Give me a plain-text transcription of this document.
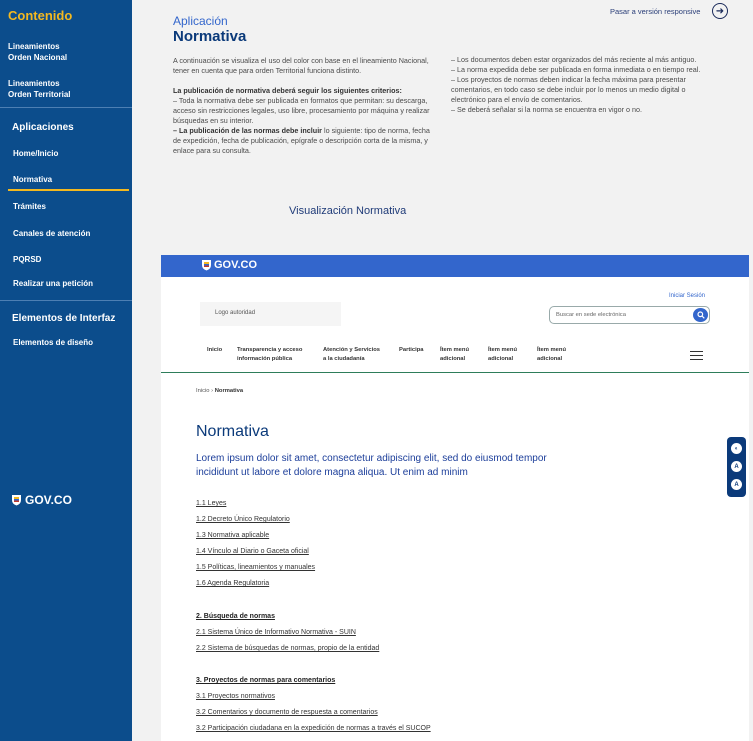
Contenido
Lineamientos
Orden Nacional
Lineamientos
Orden Territorial
Aplicaciones
Home/Inicio
Normativa
Trámites
Canales de atención
PQRSD
Realizar una petición
Elementos de Interfaz
Elementos de diseño
GOV.CO
Pasar a versión responsive	➜
Aplicación
Normativa

A continuación se visualiza el uso del color con base en el lineamiento Nacional, tener en cuenta que para orden Territorial funciona distinto.

La publicación de normativa deberá seguir los siguientes criterios:
– Toda la normativa debe ser publicada en formatos que permitan: su descarga, acceso sin restricciones legales, uso libre, procesamiento por máquina y realizar búsquedas en su interior.
– La publicación de las normas debe incluir lo siguiente: tipo de norma, fecha de expedición, fecha de publicación, epígrafe o descripción corta de la misma, y enlace para su consulta.

– Los documentos deben estar organizados del más reciente al más antiguo.
– La norma expedida debe ser publicada en forma inmediata o en tiempo real.
– Los proyectos de normas deben indicar la fecha máxima para presentar comentarios, en todo caso se debe incluir por lo menos un medio digital o electrónico para el envío de comentarios.
– Se deberá señalar si la norma se encuentra en vigor o no.
Visualización Normativa
GOV.CO
Iniciar Sesión
Logo autoridad	Buscar en sede electrónica
Inicio	Transparencia y acceso
información pública
Atención y Servicios
a la ciudadanía
Participa	Ítem menú
adicional
Ítem menú
adicional
Ítem menú
adicional
Inicio › Normativa
Normativa
Lorem ipsum dolor sit amet, consectetur adipiscing elit, sed do eiusmod tempor incididunt ut labore et dolore magna aliqua. Ut enim ad minim
1.1 Leyes
1.2 Decreto Único Regulatorio
1.3 Normativa aplicable
1.4 Vínculo al Diario o Gaceta oficial
1.5 Políticas, lineamientos y manuales
1.6 Agenda Regulatoria
2. Búsqueda de normas
2.1 Sistema Único de Informativo Normativa - SUIN
2.2 Sistema de búsquedas de normas, propio de la entidad
3. Proyectos de normas para comentarios
3.1 Proyectos normativos
3.2 Comentarios y documento de respuesta a comentarios
3.2 Participación ciudadana en la expedición de normas a través el SUCOP
◐
A
A
